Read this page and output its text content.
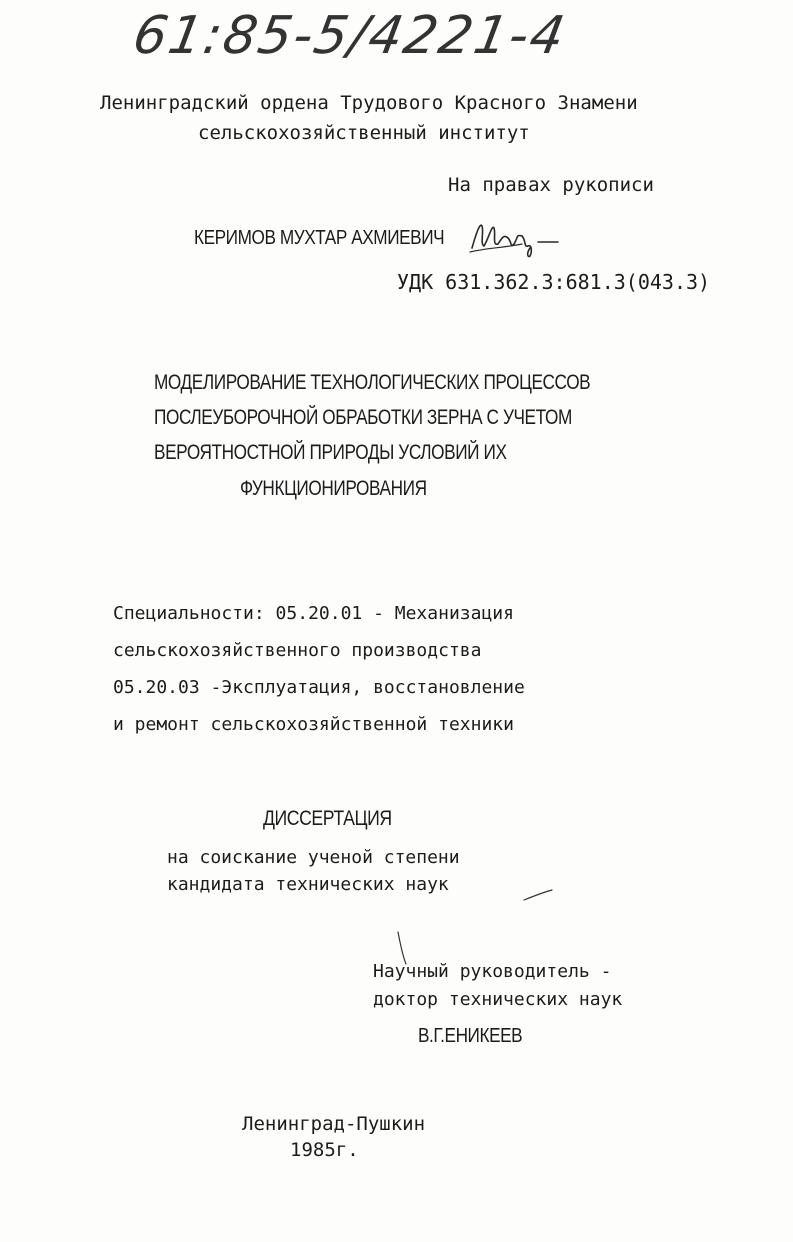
61:85-5/4221-4
Ленинградский ордена Трудового Красного Знамени
сельскохозяйственный институт
На правах рукописи
КЕРИМОВ МУХТАР АХМИЕВИЧ
УДК 631.362.3:681.3(043.3)
МОДЕЛИРОВАНИЕ ТЕХНОЛОГИЧЕСКИХ ПРОЦЕССОВ
ПОСЛЕУБОРОЧНОЙ ОБРАБОТКИ ЗЕРНА С УЧЕТОМ
ВЕРОЯТНОСТНОЙ ПРИРОДЫ УСЛОВИЙ ИХ
ФУНКЦИОНИРОВАНИЯ
Специальности: 05.20.01 - Механизация
сельскохозяйственного производства
05.20.03 -Эксплуатация, восстановление
и ремонт сельскохозяйственной техники
ДИССЕРТАЦИЯ
на соискание ученой степени
кандидата технических наук
Научный руководитель -
доктор технических наук
В.Г.ЕНИКЕЕВ
Ленинград-Пушкин
1985г.
